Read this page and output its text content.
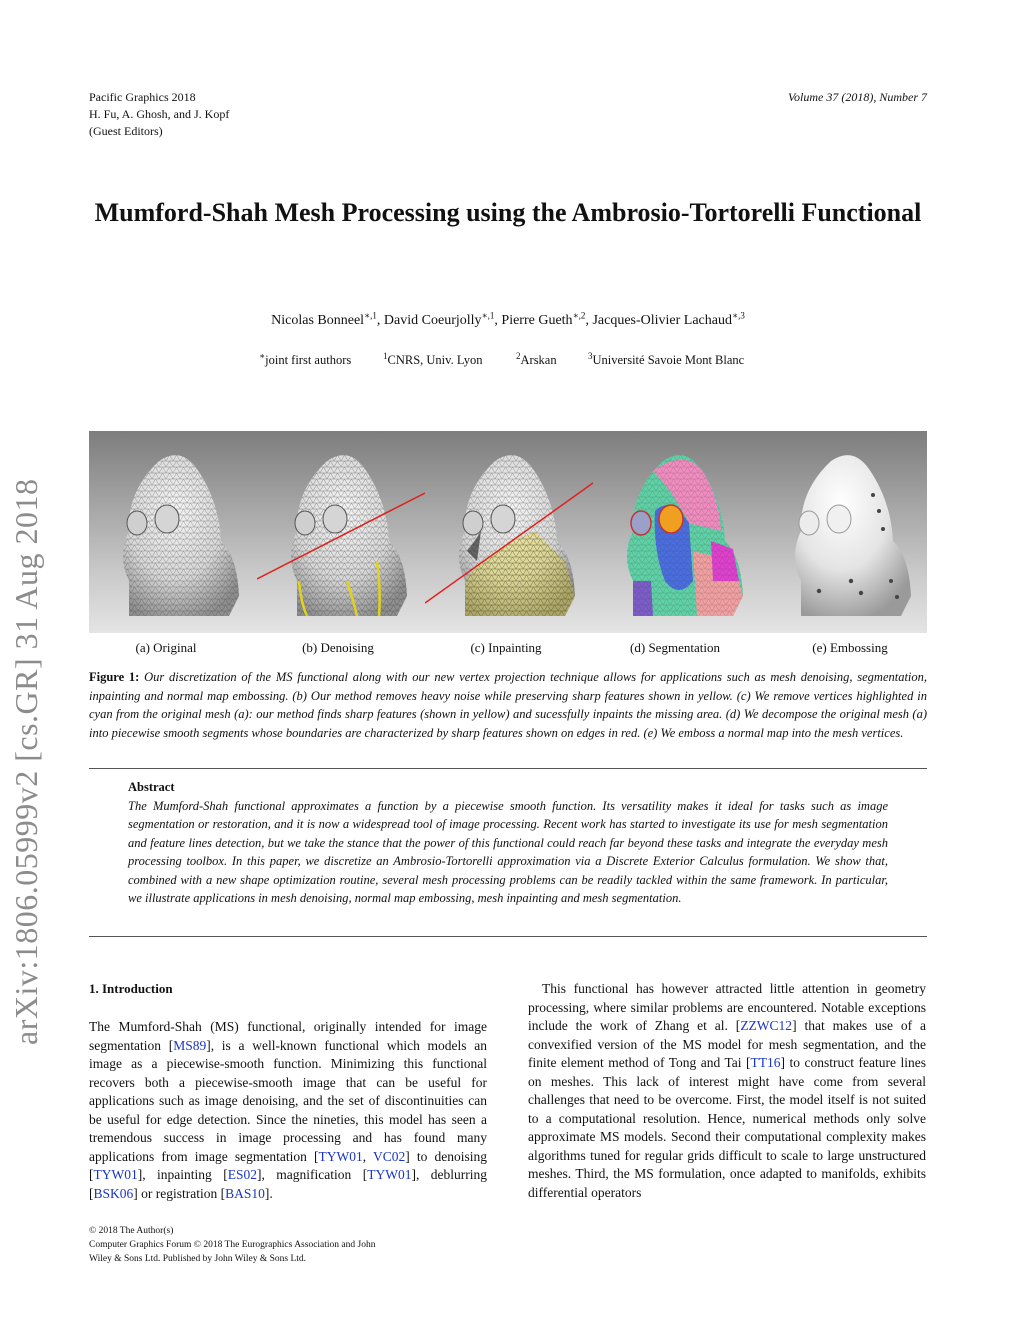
Pacific Graphics 2018
H. Fu, A. Ghosh, and J. Kopf
(Guest Editors)
Volume 37 (2018), Number 7
arXiv:1806.05999v2 [cs.GR] 31 Aug 2018
Mumford-Shah Mesh Processing using the Ambrosio-Tortorelli Functional
Nicolas Bonneel$^{∗,1}$, David Coeurjolly$^{∗,1}$, Pierre Gueth$^{∗,2}$, Jacques-Olivier Lachaud$^{∗,3}$
∗joint first authors	$^1$CNRS, Univ. Lyon	$^2$Arskan	$^3$Université Savoie Mont Blanc
(a) Original	(b) Denoising	(c) Inpainting	(d) Segmentation	(e) Embossing
Figure 1: Our discretization of the MS functional along with our new vertex projection technique allows for applications such as mesh denoising, segmentation, inpainting and normal map embossing. (b) Our method removes heavy noise while preserving sharp features shown in yellow. (c) We remove vertices highlighted in cyan from the original mesh (a): our method finds sharp features (shown in yellow) and sucessfully inpaints the missing area. (d) We decompose the original mesh (a) into piecewise smooth segments whose boundaries are characterized by sharp features shown on edges in red. (e) We emboss a normal map into the mesh vertices.
Abstract
The Mumford-Shah functional approximates a function by a piecewise smooth function. Its versatility makes it ideal for tasks such as image segmentation or restoration, and it is now a widespread tool of image processing. Recent work has started to investigate its use for mesh segmentation and feature lines detection, but we take the stance that the power of this functional could reach far beyond these tasks and integrate the everyday mesh processing toolbox. In this paper, we discretize an Ambrosio-Tortorelli approximation via a Discrete Exterior Calculus formulation. We show that, combined with a new shape optimization routine, several mesh processing problems can be readily tackled within the same framework. In particular, we illustrate applications in mesh denoising, normal map embossing, mesh inpainting and mesh segmentation.
1. Introduction
The Mumford-Shah (MS) functional, originally intended for image segmentation [MS89], is a well-known functional which models an image as a piecewise-smooth function. Minimizing this functional recovers both a piecewise-smooth image that can be useful for applications such as image denoising, and the set of discontinuities can be useful for edge detection. Since the nineties, this model has seen a tremendous success in image processing and has found many applications from image segmentation [TYW01, VC02] to denoising [TYW01], inpainting [ES02], magnification [TYW01], deblurring [BSK06] or registration [BAS10].
This functional has however attracted little attention in geometry processing, where similar problems are encountered. Notable exceptions include the work of Zhang et al. [ZZWC12] that makes use of a convexified version of the MS model for mesh segmentation, and the finite element method of Tong and Tai [TT16] to construct feature lines on meshes. This lack of interest might have come from several challenges that need to be overcome. First, the model itself is not suited to a computational resolution. Hence, numerical methods only solve approximate MS models. Second their computational complexity makes algorithms tuned for regular grids difficult to scale to large unstructured meshes. Third, the MS formulation, once adapted to manifolds, exhibits differential operators
© 2018 The Author(s)
Computer Graphics Forum © 2018 The Eurographics Association and John
Wiley & Sons Ltd. Published by John Wiley & Sons Ltd.
